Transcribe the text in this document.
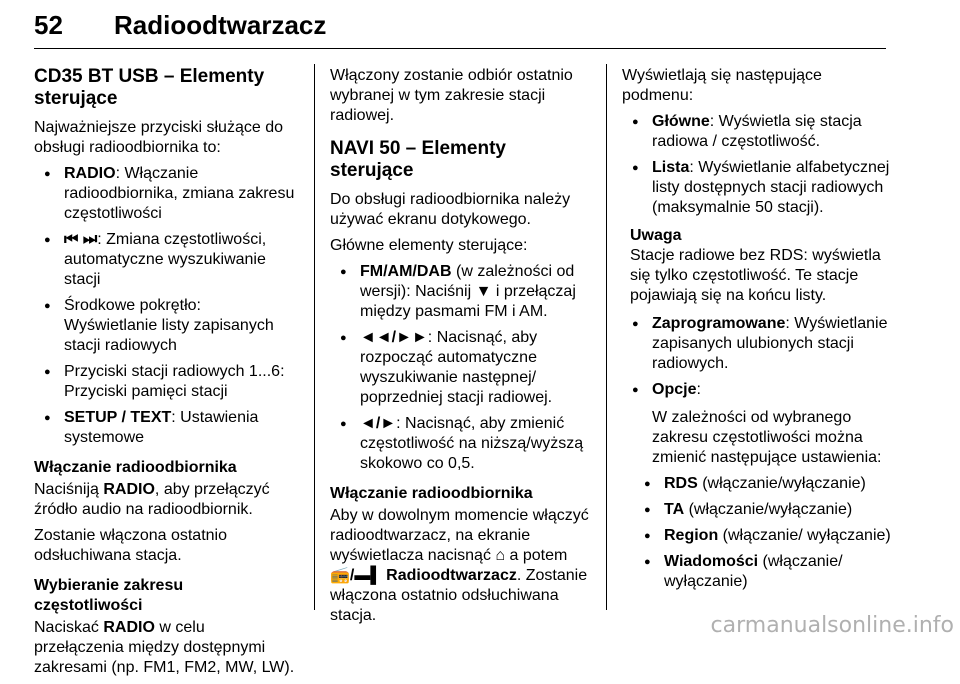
52 Radioodtwarzacz
CD35 BT USB – Elementy sterujące

Najważniejsze przyciski służące do obsługi radioodbiornika to:

● RADIO: Włączanie radioodbiornika, zmiana zakresu częstotliwości
● ⏮ ⏭: Zmiana częstotliwości, automatyczne wyszukiwanie stacji
● Środkowe pokrętło: Wyświetlanie listy zapisanych stacji radiowych
● Przyciski stacji radiowych 1...6: Przyciski pamięci stacji
● SETUP / TEXT: Ustawienia systemowe
Włączanie radioodbiornika

Naciśniją RADIO, aby przełączyć źródło audio na radioodbiornik.

Zostanie włączona ostatnio odsłuchiwana stacja.

Wybieranie zakresu częstotliwości

Naciskać RADIO w celu przełączenia między dostępnymi zakresami (np. FM1, FM2, MW, LW).

Włączony zostanie odbiór ostatnio wybranej w tym zakresie stacji radiowej.

NAVI 50 – Elementy sterujące

Do obsługi radioodbiornika należy używać ekranu dotykowego.

Główne elementy sterujące:

● FM/AM/DAB (w zależności od wersji): Naciśnij ▼ i przełączaj między pasmami FM i AM.
● ◄◄/►►: Nacisnąć, aby rozpocząć automatyczne wyszukiwanie następnej/ poprzedniej stacji radiowej.
● ◄/►: Nacisnąć, aby zmienić częstotliwość na niższą/wyższą skokowo co 0,5.
Włączanie radioodbiornika

Aby w dowolnym momencie włączyć radioodtwarzacz, na ekranie wyświetlacza nacisnąć ⌂ a potem 📻/▬▌ Radioodtwarzacz. Zostanie włączona ostatnio odsłuchiwana stacja.

Wyświetlają się następujące podmenu:

● Główne: Wyświetla się stacja radiowa / częstotliwość.
● Lista: Wyświetlanie alfabetycznej listy dostępnych stacji radiowych (maksymalnie 50 stacji).
Uwaga
Stacje radiowe bez RDS: wyświetla się tylko częstotliwość. Te stacje pojawiają się na końcu listy.
● Zaprogramowane: Wyświetlanie zapisanych ulubionych stacji radiowych.
● Opcje:
W zależności od wybranego zakresu częstotliwości można zmienić następujące ustawienia:
● RDS (włączanie/wyłączanie)
● TA (włączanie/wyłączanie)
● Region (włączanie/ wyłączanie)
● Wiadomości (włączanie/ wyłączanie)
carmanualsonline.info
